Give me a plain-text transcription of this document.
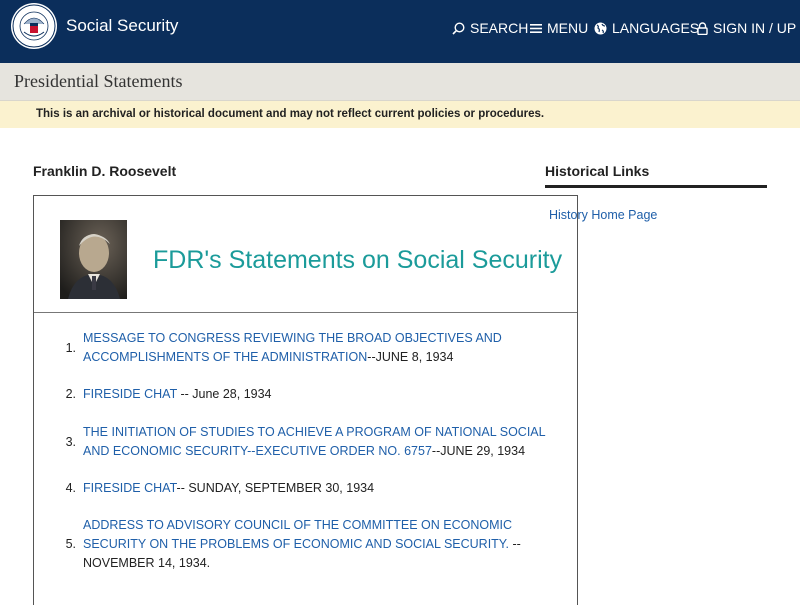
Social Security	SEARCH MENU LANGUAGES SIGN IN / UP
Presidential Statements
This is an archival or historical document and may not reflect current policies or procedures.
Franklin D. Roosevelt
FDR's Statements on Social Security
1.
MESSAGE TO CONGRESS REVIEWING THE BROAD OBJECTIVES AND ACCOMPLISHMENTS OF THE ADMINISTRATION--JUNE 8, 1934
2. FIRESIDE CHAT -- June 28, 1934
3.
THE INITIATION OF STUDIES TO ACHIEVE A PROGRAM OF NATIONAL SOCIAL AND ECONOMIC SECURITY--EXECUTIVE ORDER NO. 6757--JUNE 29, 1934
4. FIRESIDE CHAT-- SUNDAY, SEPTEMBER 30, 1934
5.
ADDRESS TO ADVISORY COUNCIL OF THE COMMITTEE ON ECONOMIC SECURITY ON THE PROBLEMS OF ECONOMIC AND SOCIAL SECURITY. -- NOVEMBER 14, 1934.
Historical Links
History Home Page
